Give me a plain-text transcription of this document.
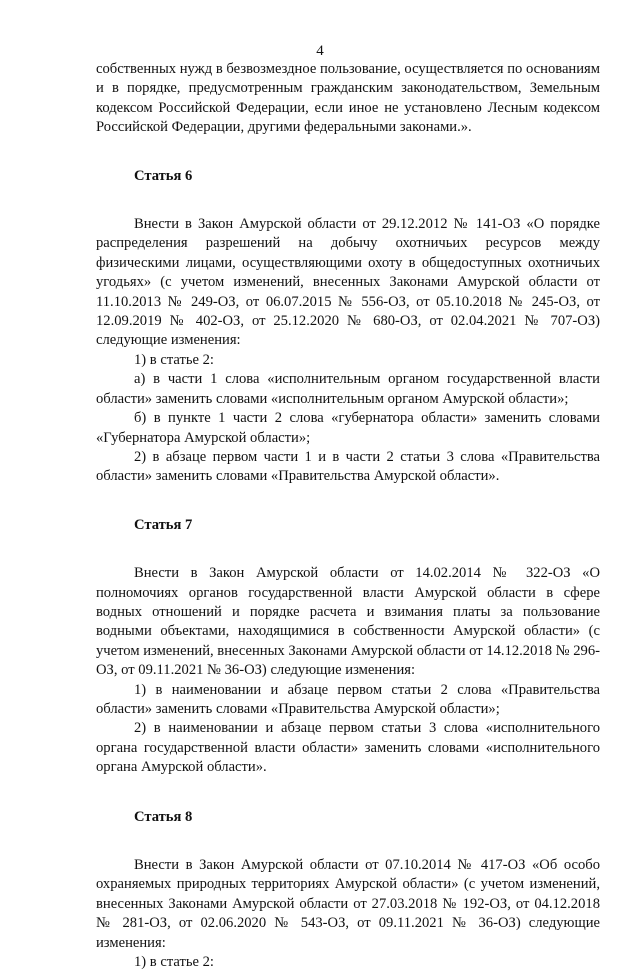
4

собственных нужд в безвозмездное пользование, осуществляется по основаниям и в порядке, предусмотренным гражданским законодательством, Земельным кодексом Российской Федерации, если иное не установлено Лесным кодексом Российской Федерации, другими федеральными законами.».

Статья 6

Внести в Закон Амурской области от 29.12.2012 № 141-ОЗ «О порядке распределения разрешений на добычу охотничьих ресурсов между физическими лицами, осуществляющими охоту в общедоступных охотничьих угодьях» (с учетом изменений, внесенных Законами Амурской области от 11.10.2013 № 249-ОЗ, от 06.07.2015 № 556-ОЗ, от 05.10.2018 № 245-ОЗ, от 12.09.2019 № 402-ОЗ, от 25.12.2020 № 680-ОЗ, от 02.04.2021 № 707-ОЗ) следующие изменения:

1) в статье 2:

а) в части 1 слова «исполнительным органом государственной власти области» заменить словами «исполнительным органом Амурской области»;

б) в пункте 1 части 2 слова «губернатора области» заменить словами «Губернатора Амурской области»;

2) в абзаце первом части 1 и в части 2 статьи 3 слова «Правительства области» заменить словами «Правительства Амурской области».

Статья 7

Внести в Закон Амурской области от 14.02.2014 № 322-ОЗ «О полномочиях органов государственной власти Амурской области в сфере водных отношений и порядке расчета и взимания платы за пользование водными объектами, находящимися в собственности Амурской области» (с учетом изменений, внесенных Законами Амурской области от 14.12.2018 № 296-ОЗ, от 09.11.2021 № 36-ОЗ) следующие изменения:

1) в наименовании и абзаце первом статьи 2 слова «Правительства области» заменить словами «Правительства Амурской области»;

2) в наименовании и абзаце первом статьи 3 слова «исполнительного органа государственной власти области» заменить словами «исполнительного органа Амурской области».

Статья 8

Внести в Закон Амурской области от 07.10.2014 № 417-ОЗ «Об особо охраняемых природных территориях Амурской области» (с учетом изменений, внесенных Законами Амурской области от 27.03.2018 № 192-ОЗ, от 04.12.2018 № 281-ОЗ, от 02.06.2020 № 543-ОЗ, от 09.11.2021 № 36-ОЗ) следующие изменения:

1) в статье 2:
